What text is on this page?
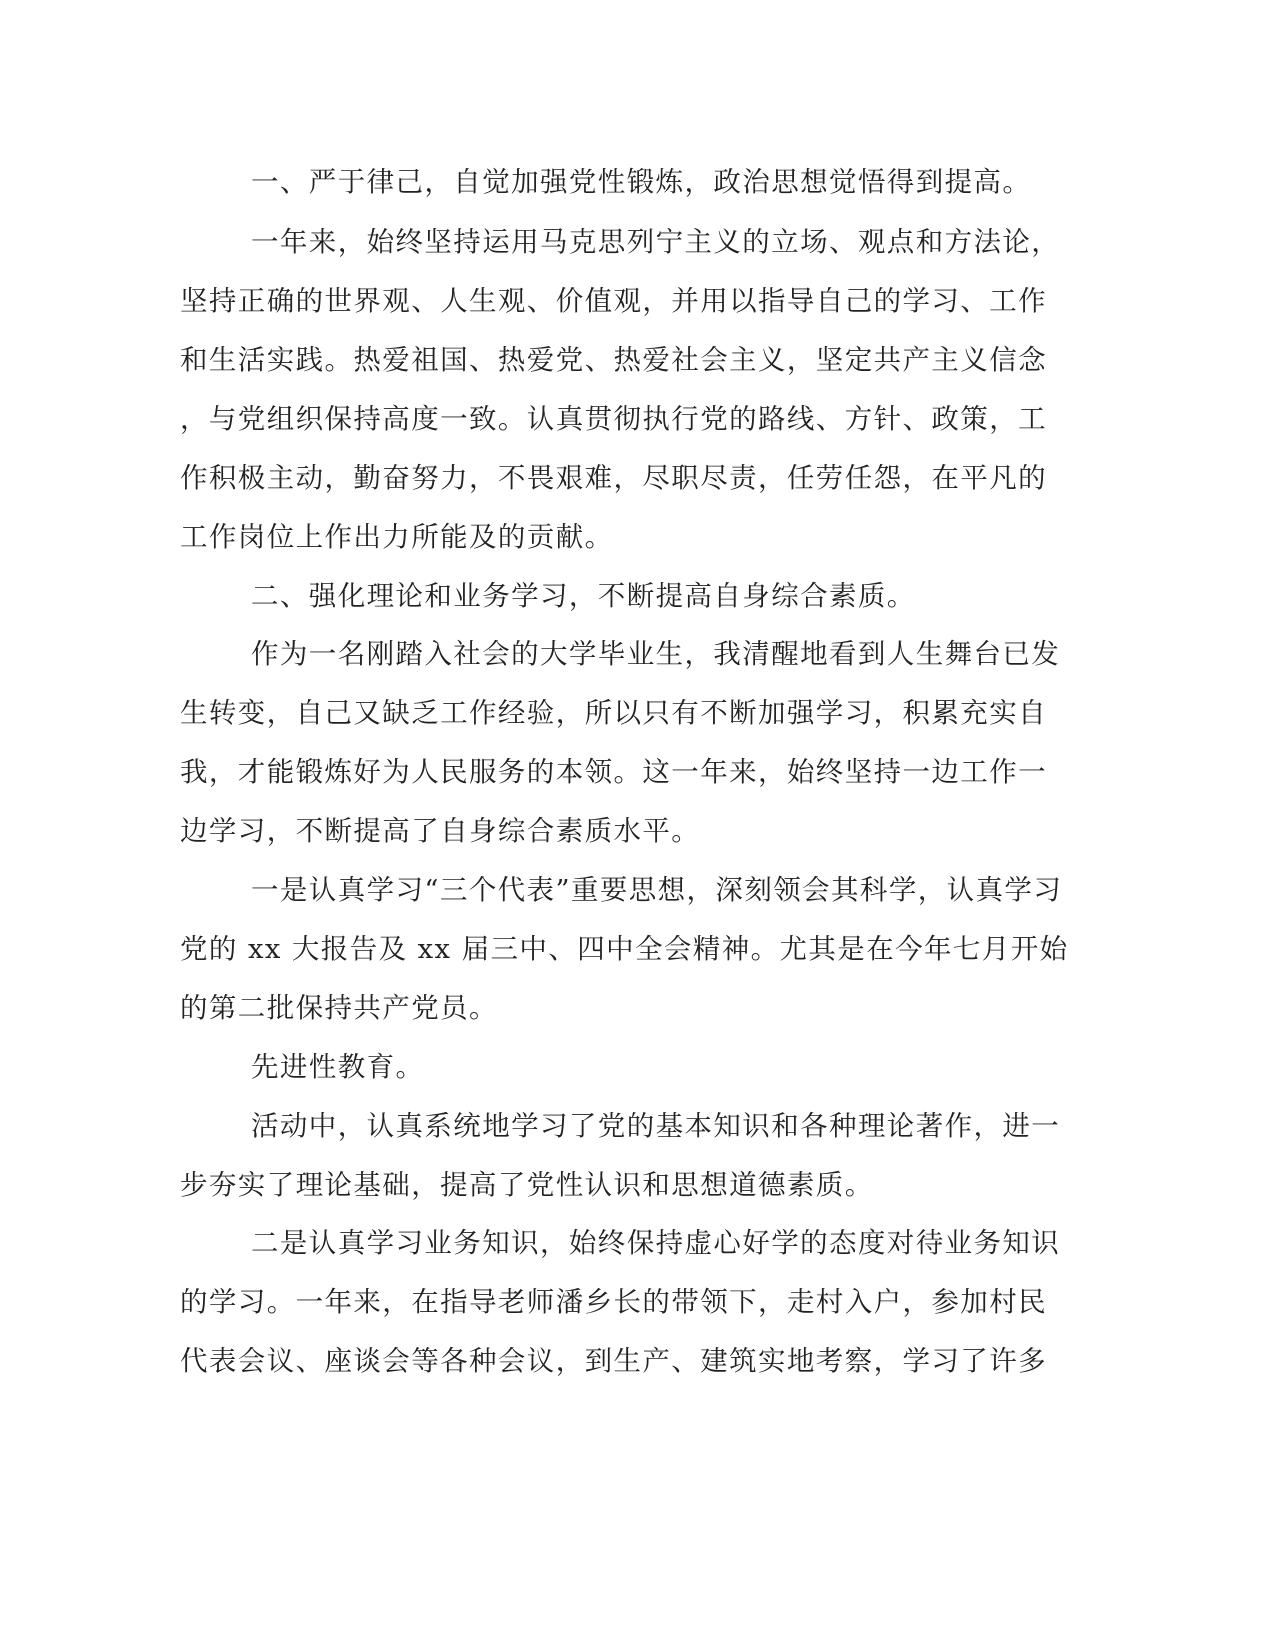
一、严于律己，自觉加强党性锻炼，政治思想觉悟得到提高。
一年来，始终坚持运用马克思列宁主义的立场、观点和方法论，
坚持正确的世界观、人生观、价值观，并用以指导自己的学习、工作
和生活实践。热爱祖国、热爱党、热爱社会主义，坚定共产主义信念
，与党组织保持高度一致。认真贯彻执行党的路线、方针、政策，工
作积极主动，勤奋努力，不畏艰难，尽职尽责，任劳任怨，在平凡的
工作岗位上作出力所能及的贡献。
二、强化理论和业务学习，不断提高自身综合素质。
作为一名刚踏入社会的大学毕业生，我清醒地看到人生舞台已发
生转变，自己又缺乏工作经验，所以只有不断加强学习，积累充实自
我，才能锻炼好为人民服务的本领。这一年来，始终坚持一边工作一
边学习，不断提高了自身综合素质水平。
一是认真学习“三个代表”重要思想，深刻领会其科学，认真学习
党的 xx 大报告及 xx 届三中、四中全会精神。尤其是在今年七月开始
的第二批保持共产党员。
先进性教育。
活动中，认真系统地学习了党的基本知识和各种理论著作，进一
步夯实了理论基础，提高了党性认识和思想道德素质。
二是认真学习业务知识，始终保持虚心好学的态度对待业务知识
的学习。一年来，在指导老师潘乡长的带领下，走村入户，参加村民
代表会议、座谈会等各种会议，到生产、建筑实地考察，学习了许多
